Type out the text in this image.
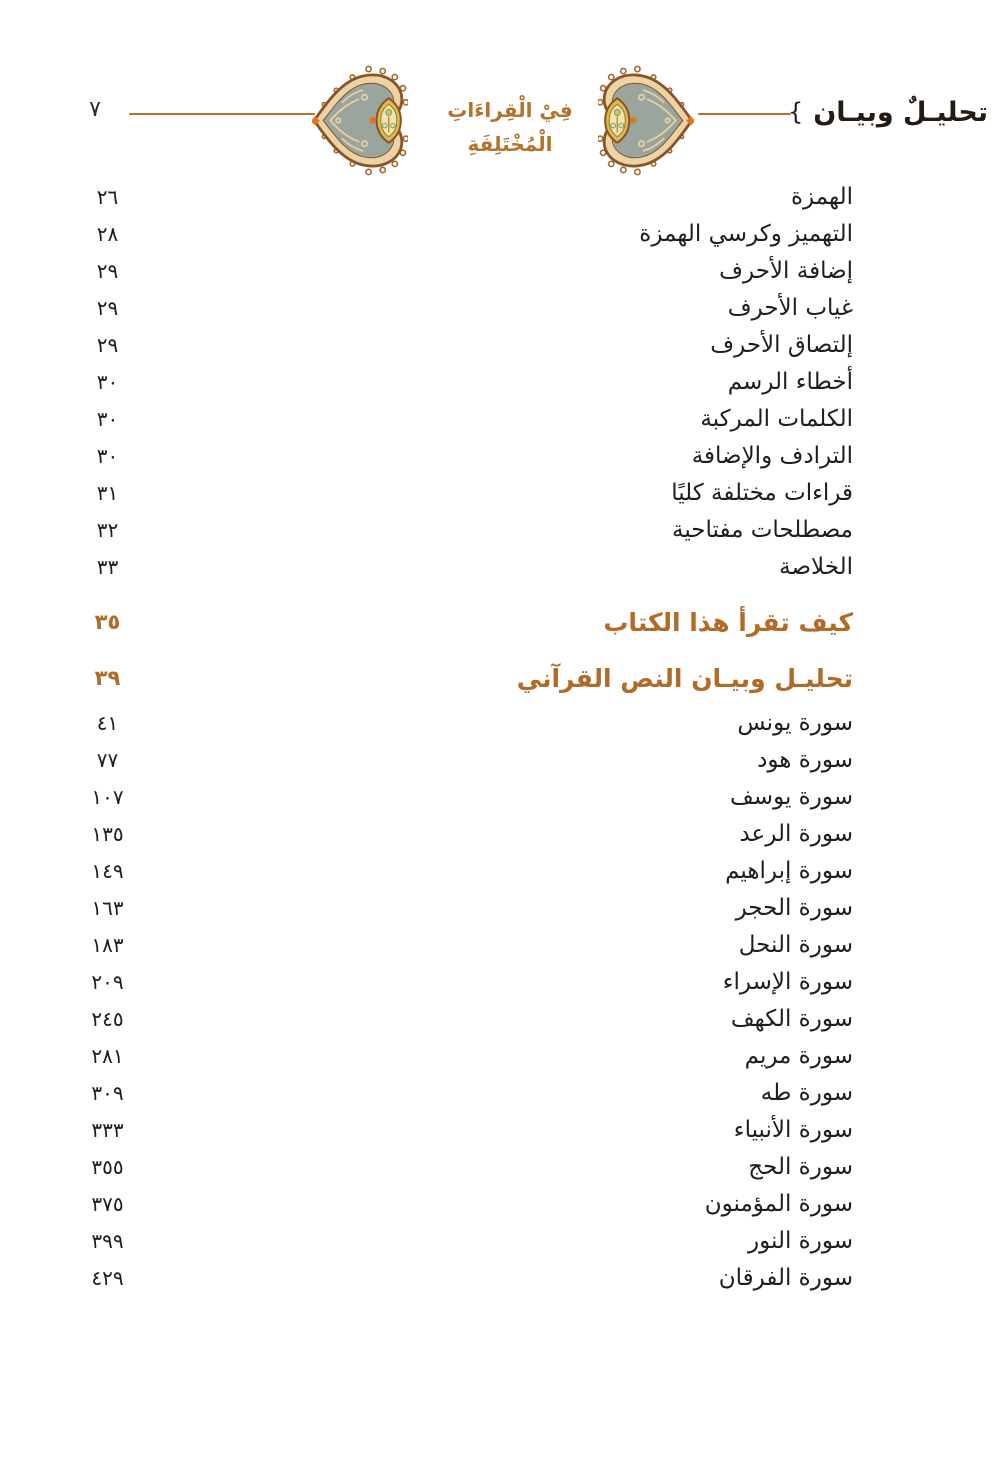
٧	فِيْ الْقِراءَاتِ الْمُخْتَلِفَةِ
تحليـلٌ وبيـان
{
٢٦	الهمزة
٢٨	التهميز وكرسي الهمزة
٢٩	إضافة الأحرف
٢٩	غياب الأحرف
٢٩	إلتصاق الأحرف
٣٠	أخطاء الرسم
٣٠	الكلمات المركبة
٣٠	الترادف والإضافة
٣١	قراءات مختلفة كليًا
٣٢	مصطلحات مفتاحية
٣٣	الخلاصة
٣٥	كيف تقرأ هذا الكتاب
٣٩	تحليـل وبيـان النص القرآني
٤١	سورة يونس
٧٧	سورة هود
١٠٧	سورة يوسف
١٣٥	سورة الرعد
١٤٩	سورة إبراهيم
١٦٣	سورة الحجر
١٨٣	سورة النحل
٢٠٩	سورة الإسراء
٢٤٥	سورة الكهف
٢٨١	سورة مريم
٣٠٩	سورة طه
٣٣٣	سورة الأنبياء
٣٥٥	سورة الحج
٣٧٥	سورة المؤمنون
٣٩٩	سورة النور
٤٢٩	سورة الفرقان
